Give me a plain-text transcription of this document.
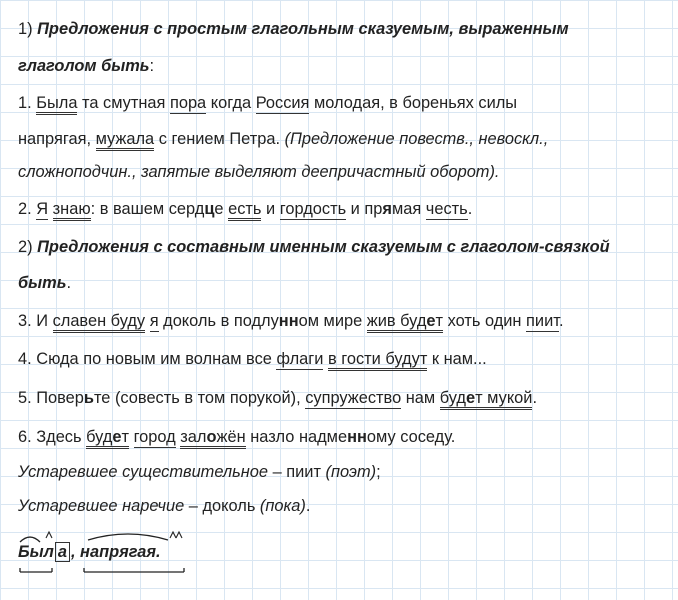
1) Предложения с простым глагольным сказуемым, выраженным
глаголом быть:
1. Была та смутная пора когда Россия молодая, в бореньях силы
напрягая, мужала с гением Петра. (Предложение повеств., невоскл.,
сложноподчин., запятые выделяют деепричастный оборот).
2. Я знаю: в вашем сердце есть и гордость и прямая честь.
2) Предложения с составным именным сказуемым с глаголом-связкой
быть.
3. И славен буду я доколь в подлунном мире жив будет хоть один пиит.
4. Сюда по новым им волнам все флаги в гости будут к нам...
5. Поверьте (совесть в том порукой), супружество нам будет мукой.
6. Здесь будет город заложён назло надменному соседу.
Устаревшее существительное – пиит (поэт);
Устаревшее наречие – доколь (пока).
Был а , напрягая.
